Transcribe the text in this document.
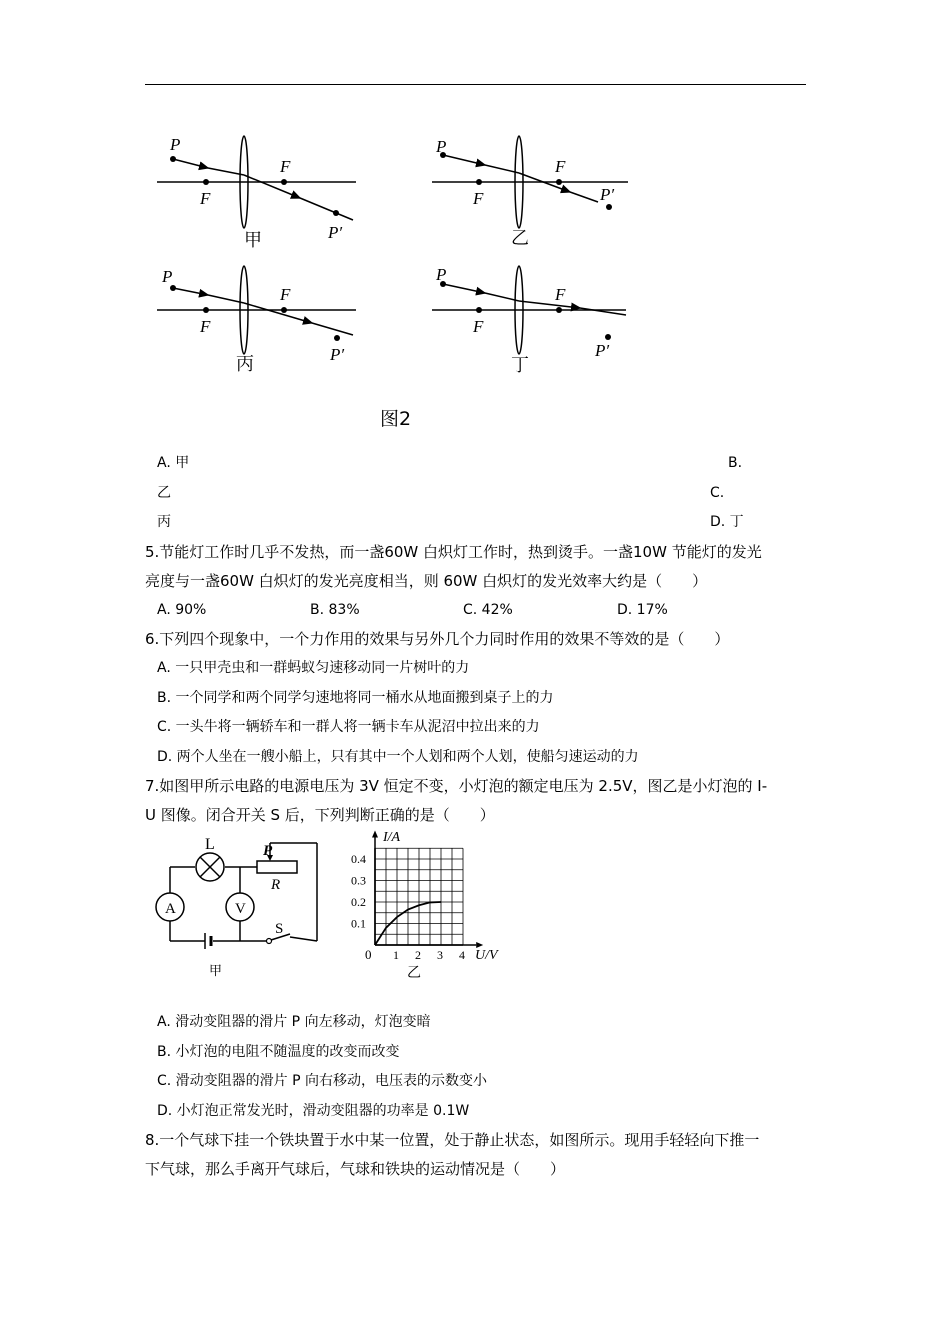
P
F
F
P′
甲
P
F
F
P′
乙
P
F
F
P′
丙
P
F
F
P′
丁
图2
A. 甲	B.
乙	C.
丙	D. 丁
5.节能灯工作时几乎不发热，而一盏60W 白炽灯工作时，热到烫手。一盏10W 节能灯的发光
亮度与一盏60W 白炽灯的发光亮度相当，则 60W 白炽灯的发光效率大约是（　　）
A. 90%	B. 83%	C. 42%	D. 17%
6.下列四个现象中，一个力作用的效果与另外几个力同时作用的效果不等效的是（　　）
A. 一只甲壳虫和一群蚂蚁匀速移动同一片树叶的力
B. 一个同学和两个同学匀速地将同一桶水从地面搬到桌子上的力
C. 一头牛将一辆轿车和一群人将一辆卡车从泥沼中拉出来的力
D. 两个人坐在一艘小船上，只有其中一个人划和两个人划，使船匀速运动的力
7.如图甲所示电路的电源电压为 3V 恒定不变，小灯泡的额定电压为 2.5V，图乙是小灯泡的 I-
U 图像。闭合开关 S 后，下列判断正确的是（　　）
L	P
R
A	V
S
甲
0.1
0.2
0.3
0.4
1 2 3 4
I/A
U/V
0
乙
A. 滑动变阻器的滑片 P 向左移动，灯泡变暗
B. 小灯泡的电阻不随温度的改变而改变
C. 滑动变阻器的滑片 P 向右移动，电压表的示数变小
D. 小灯泡正常发光时，滑动变阻器的功率是 0.1W
8.一个气球下挂一个铁块置于水中某一位置，处于静止状态，如图所示。现用手轻轻向下推一
下气球，那么手离开气球后，气球和铁块的运动情况是（　　）
